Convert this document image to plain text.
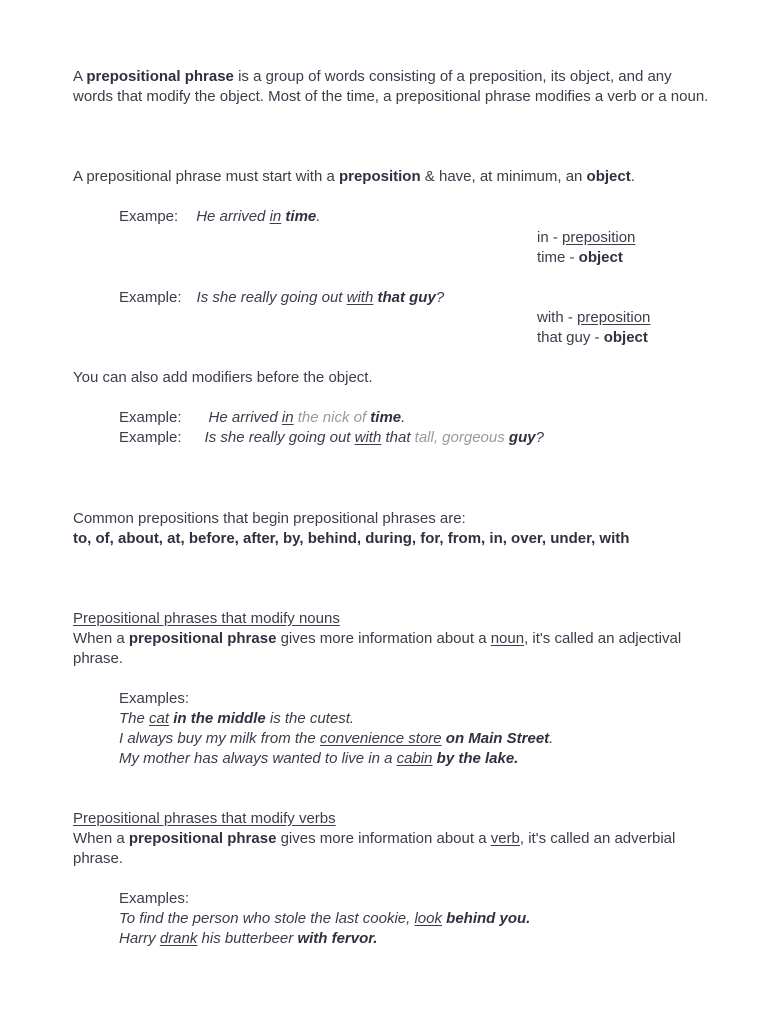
A prepositional phrase is a group of words consisting of a preposition, its object, and any words that modify the object. Most of the time, a prepositional phrase modifies a verb or a noun.
A prepositional phrase must start with a preposition & have, at minimum, an object.
Exampe: He arrived in time.
in - preposition
time - object
Example: Is she really going out with that guy?
with - preposition
that guy - object
You can also add modifiers before the object.
Example: He arrived in the nick of time.
Example: Is she really going out with that tall, gorgeous guy?
Common prepositions that begin prepositional phrases are:
to, of, about, at, before, after, by, behind, during, for, from, in, over, under, with
Prepositional phrases that modify nouns
When a prepositional phrase gives more information about a noun, it's called an adjectival phrase.
Examples:
The cat in the middle is the cutest.
I always buy my milk from the convenience store on Main Street.
My mother has always wanted to live in a cabin by the lake.
Prepositional phrases that modify verbs
When a prepositional phrase gives more information about a verb, it's called an adverbial phrase.
Examples:
To find the person who stole the last cookie, look behind you.
Harry drank his butterbeer with fervor.
